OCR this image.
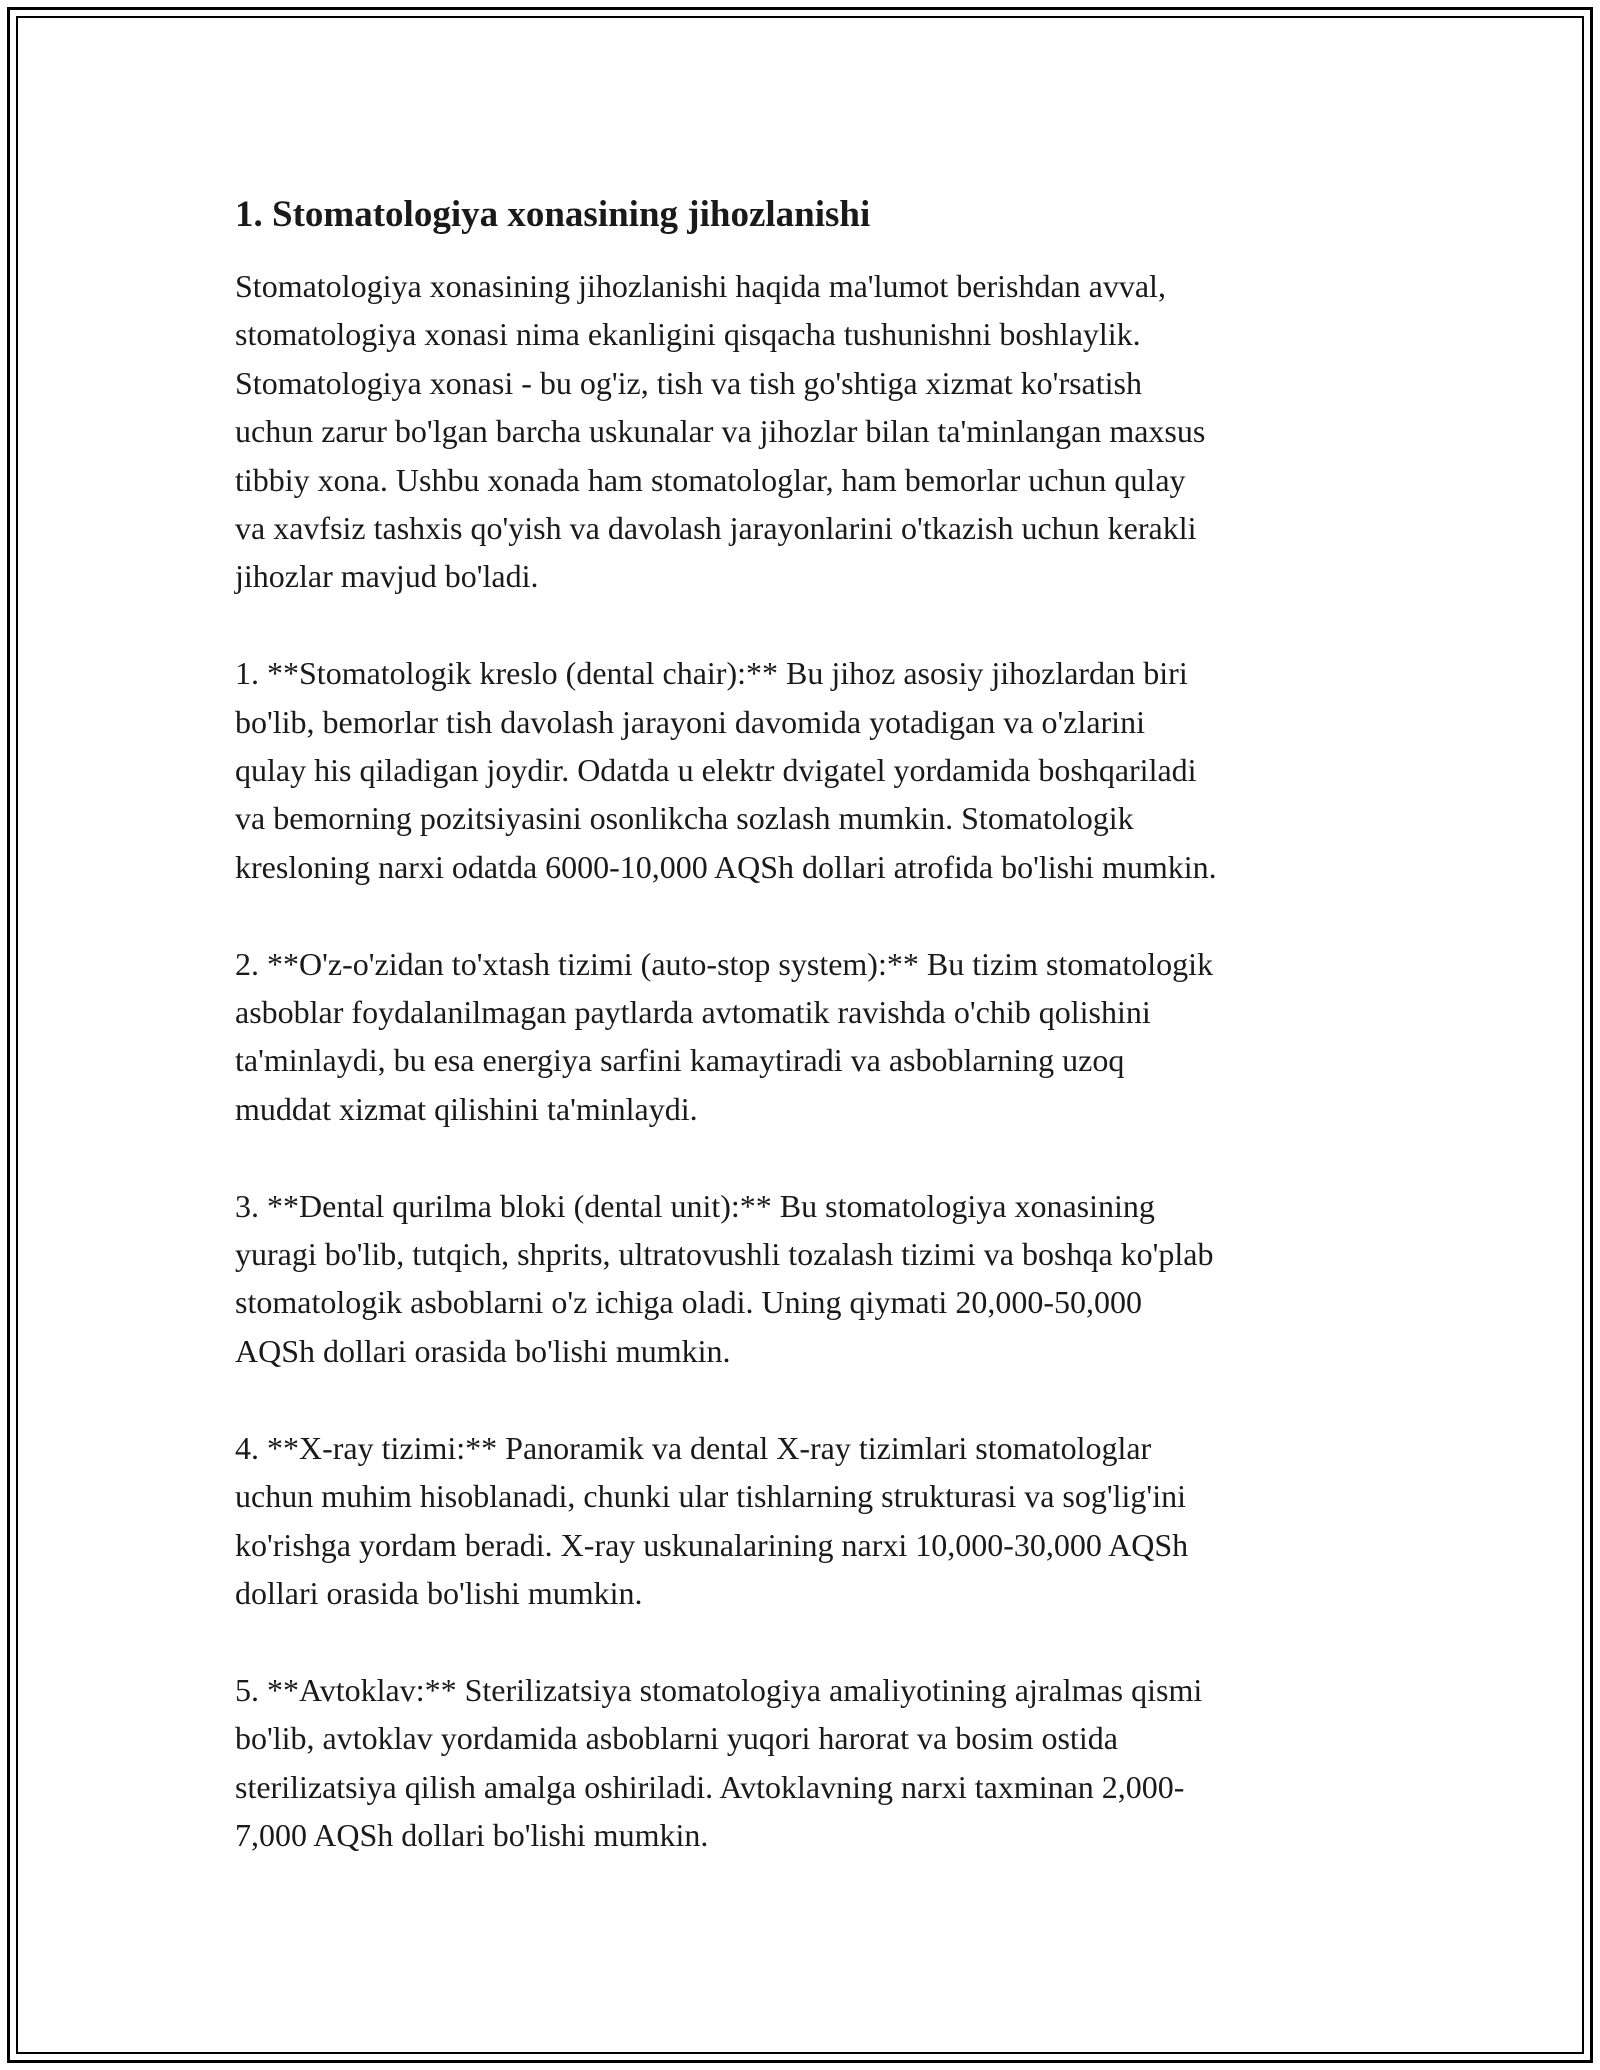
1. Stomatologiya xonasining jihozlanishi

Stomatologiya xonasining jihozlanishi haqida ma'lumot berishdan avval,
stomatologiya xonasi nima ekanligini qisqacha tushunishni boshlaylik.
Stomatologiya xonasi - bu og'iz, tish va tish go'shtiga xizmat ko'rsatish
uchun zarur bo'lgan barcha uskunalar va jihozlar bilan ta'minlangan maxsus
tibbiy xona. Ushbu xonada ham stomatologlar, ham bemorlar uchun qulay
va xavfsiz tashxis qo'yish va davolash jarayonlarini o'tkazish uchun kerakli
jihozlar mavjud bo'ladi.

1. **Stomatologik kreslo (dental chair):** Bu jihoz asosiy jihozlardan biri
bo'lib, bemorlar tish davolash jarayoni davomida yotadigan va o'zlarini
qulay his qiladigan joydir. Odatda u elektr dvigatel yordamida boshqariladi
va bemorning pozitsiyasini osonlikcha sozlash mumkin. Stomatologik
kresloning narxi odatda 6000-10,000 AQSh dollari atrofida bo'lishi mumkin.

2. **O'z-o'zidan to'xtash tizimi (auto-stop system):** Bu tizim stomatologik
asboblar foydalanilmagan paytlarda avtomatik ravishda o'chib qolishini
ta'minlaydi, bu esa energiya sarfini kamaytiradi va asboblarning uzoq
muddat xizmat qilishini ta'minlaydi.

3. **Dental qurilma bloki (dental unit):** Bu stomatologiya xonasining
yuragi bo'lib, tutqich, shprits, ultratovushli tozalash tizimi va boshqa ko'plab
stomatologik asboblarni o'z ichiga oladi. Uning qiymati 20,000-50,000
AQSh dollari orasida bo'lishi mumkin.

4. **X-ray tizimi:** Panoramik va dental X-ray tizimlari stomatologlar
uchun muhim hisoblanadi, chunki ular tishlarning strukturasi va sog'lig'ini
ko'rishga yordam beradi. X-ray uskunalarining narxi 10,000-30,000 AQSh
dollari orasida bo'lishi mumkin.

5. **Avtoklav:** Sterilizatsiya stomatologiya amaliyotining ajralmas qismi
bo'lib, avtoklav yordamida asboblarni yuqori harorat va bosim ostida
sterilizatsiya qilish amalga oshiriladi. Avtoklavning narxi taxminan 2,000-
7,000 AQSh dollari bo'lishi mumkin.
